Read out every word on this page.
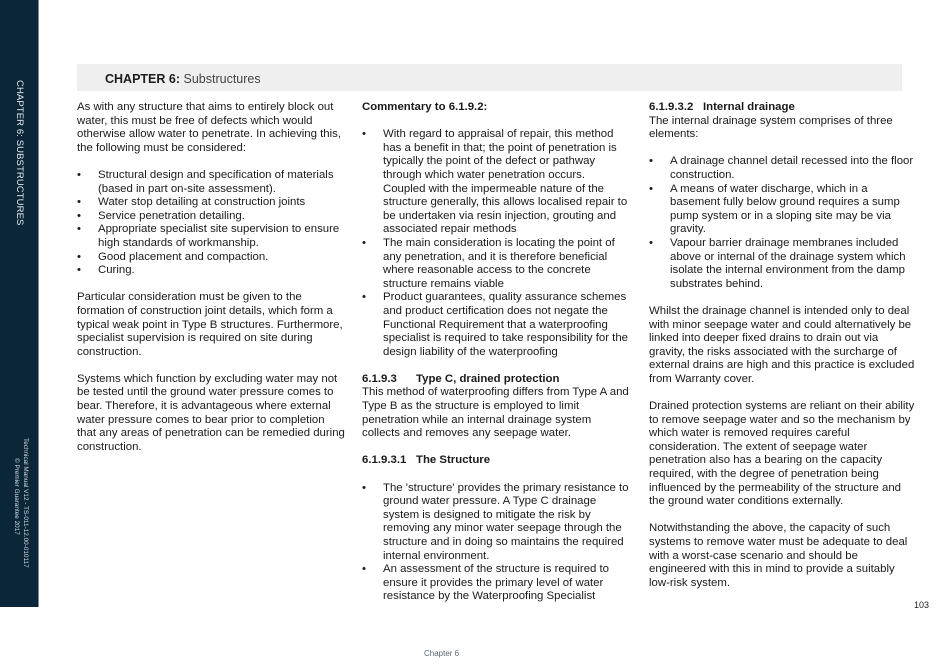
CHAPTER 6: SUBSTRUCTURES
Technical Manual V12 - TS-011-12.00-010117
© Premier Guarantee 2017
CHAPTER 6: Substructures

As with any structure that aims to entirely block out water, this must be free of defects which would otherwise allow water to penetrate. In achieving this, the following must be considered:

• Structural design and specification of materials (based in part on-site assessment).
• Water stop detailing at construction joints
• Service penetration detailing.
• Appropriate specialist site supervision to ensure high standards of workmanship.
• Good placement and compaction.
• Curing.

Particular consideration must be given to the formation of construction joint details, which form a typical weak point in Type B structures. Furthermore, specialist supervision is required on site during construction.

Systems which function by excluding water may not be tested until the ground water pressure comes to bear. Therefore, it is advantageous where external water pressure comes to bear prior to completion that any areas of penetration can be remedied during construction.

Commentary to 6.1.9.2:

• With regard to appraisal of repair, this method has a benefit in that; the point of penetration is typically the point of the defect or pathway through which water penetration occurs. Coupled with the impermeable nature of the structure generally, this allows localised repair to be undertaken via resin injection, grouting and associated repair methods
• The main consideration is locating the point of any penetration, and it is therefore beneficial where reasonable access to the concrete structure remains viable
• Product guarantees, quality assurance schemes and product certification does not negate the Functional Requirement that a waterproofing specialist is required to take responsibility for the design liability of the waterproofing
6.1.9.3 Type C, drained protection

This method of waterproofing differs from Type A and Type B as the structure is employed to limit penetration while an internal drainage system collects and removes any seepage water.

6.1.9.3.1 The Structure
• The 'structure' provides the primary resistance to ground water pressure. A Type C drainage system is designed to mitigate the risk by removing any minor water seepage through the structure and in doing so maintains the required internal environment.
• An assessment of the structure is required to ensure it provides the primary level of water resistance by the Waterproofing Specialist
6.1.9.3.2 Internal drainage

The internal drainage system comprises of three elements:

• A drainage channel detail recessed into the floor construction.
• A means of water discharge, which in a basement fully below ground requires a sump pump system or in a sloping site may be via gravity.
• Vapour barrier drainage membranes included above or internal of the drainage system which isolate the internal environment from the damp substrates behind.

Whilst the drainage channel is intended only to deal with minor seepage water and could alternatively be linked into deeper fixed drains to drain out via gravity, the risks associated with the surcharge of external drains are high and this practice is excluded from Warranty cover.

Drained protection systems are reliant on their ability to remove seepage water and so the mechanism by which water is removed requires careful consideration. The extent of seepage water penetration also has a bearing on the capacity required, with the degree of penetration being influenced by the permeability of the structure and the ground water conditions externally.

Notwithstanding the above, the capacity of such systems to remove water must be adequate to deal with a worst-case scenario and should be engineered with this in mind to provide a suitably low-risk system.

103
Chapter 6
